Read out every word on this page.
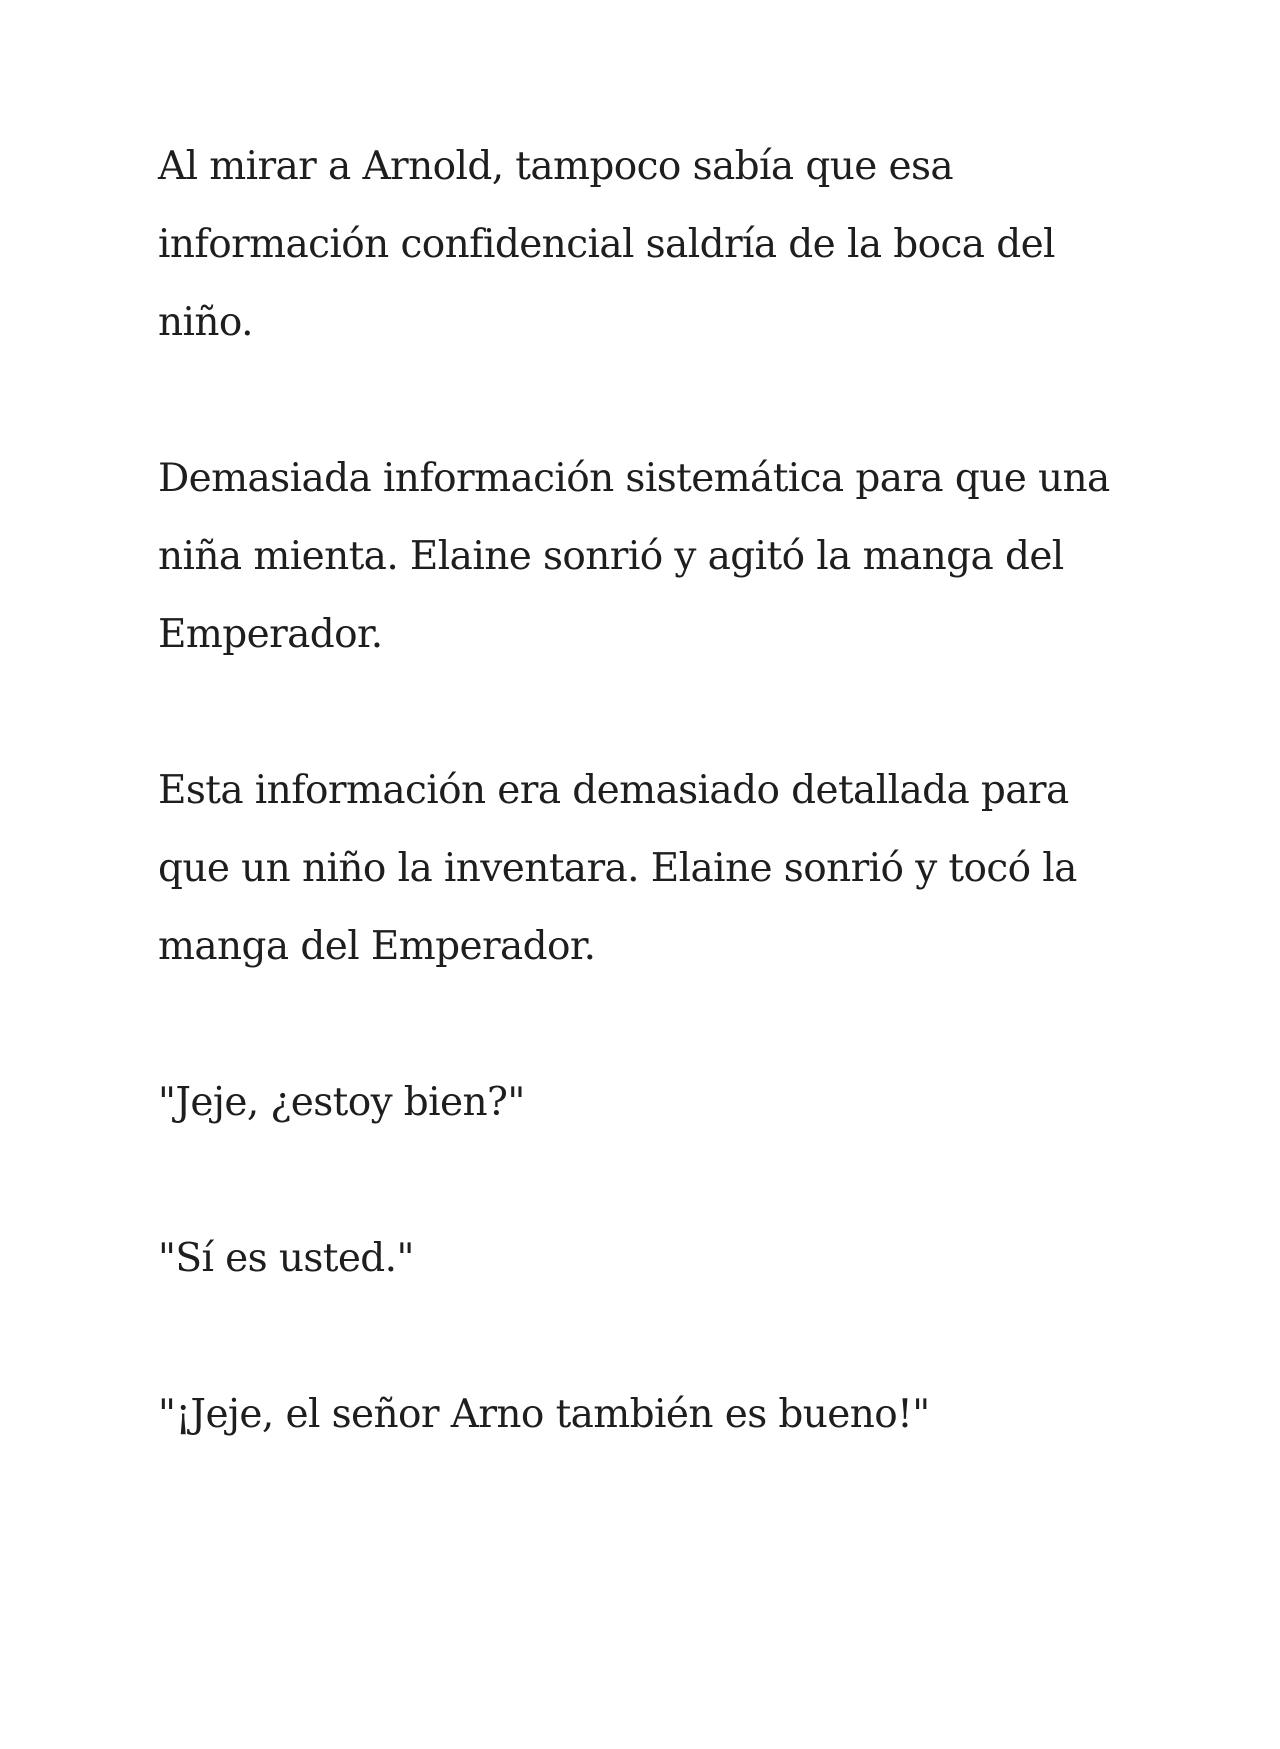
Al mirar a Arnold, tampoco sabía que esa
información confidencial saldría de la boca del
niño.
Demasiada información sistemática para que una
niña mienta. Elaine sonrió y agitó la manga del
Emperador.
Esta información era demasiado detallada para
que un niño la inventara. Elaine sonrió y tocó la
manga del Emperador.
"Jeje, ¿estoy bien?"
"Sí es usted."
"¡Jeje, el señor Arno también es bueno!"
